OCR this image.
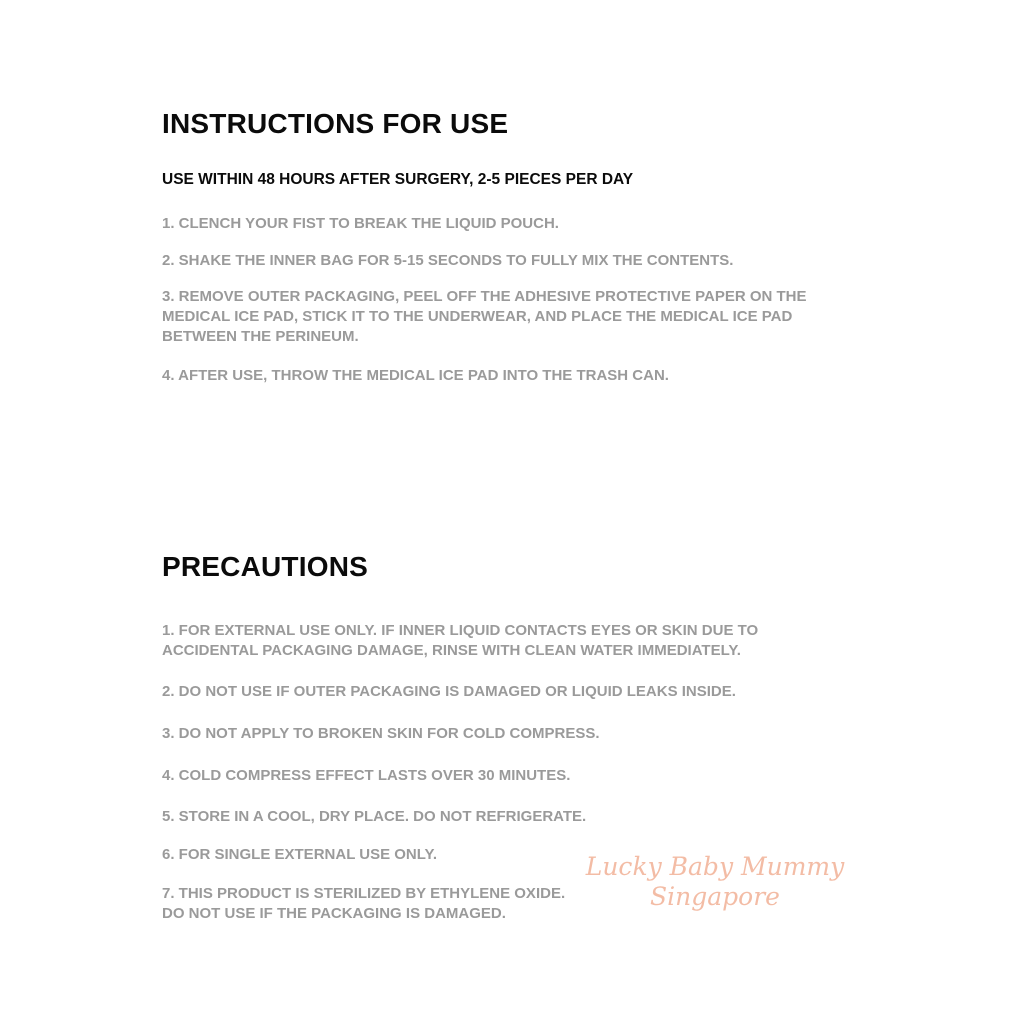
INSTRUCTIONS FOR USE
USE WITHIN 48 HOURS AFTER SURGERY, 2-5 PIECES PER DAY

1. CLENCH YOUR FIST TO BREAK THE LIQUID POUCH.

2. SHAKE THE INNER BAG FOR 5-15 SECONDS TO FULLY MIX THE CONTENTS.

3. REMOVE OUTER PACKAGING, PEEL OFF THE ADHESIVE PROTECTIVE PAPER ON THE
MEDICAL ICE PAD, STICK IT TO THE UNDERWEAR, AND PLACE THE MEDICAL ICE PAD
BETWEEN THE PERINEUM.

4. AFTER USE, THROW THE MEDICAL ICE PAD INTO THE TRASH CAN.

PRECAUTIONS

1. FOR EXTERNAL USE ONLY. IF INNER LIQUID CONTACTS EYES OR SKIN DUE TO
ACCIDENTAL PACKAGING DAMAGE, RINSE WITH CLEAN WATER IMMEDIATELY.

2. DO NOT USE IF OUTER PACKAGING IS DAMAGED OR LIQUID LEAKS INSIDE.

3. DO NOT APPLY TO BROKEN SKIN FOR COLD COMPRESS.

4. COLD COMPRESS EFFECT LASTS OVER 30 MINUTES.

5. STORE IN A COOL, DRY PLACE. DO NOT REFRIGERATE.

6. FOR SINGLE EXTERNAL USE ONLY.

7. THIS PRODUCT IS STERILIZED BY ETHYLENE OXIDE.
DO NOT USE IF THE PACKAGING IS DAMAGED.

Lucky Baby Mummy
Singapore
